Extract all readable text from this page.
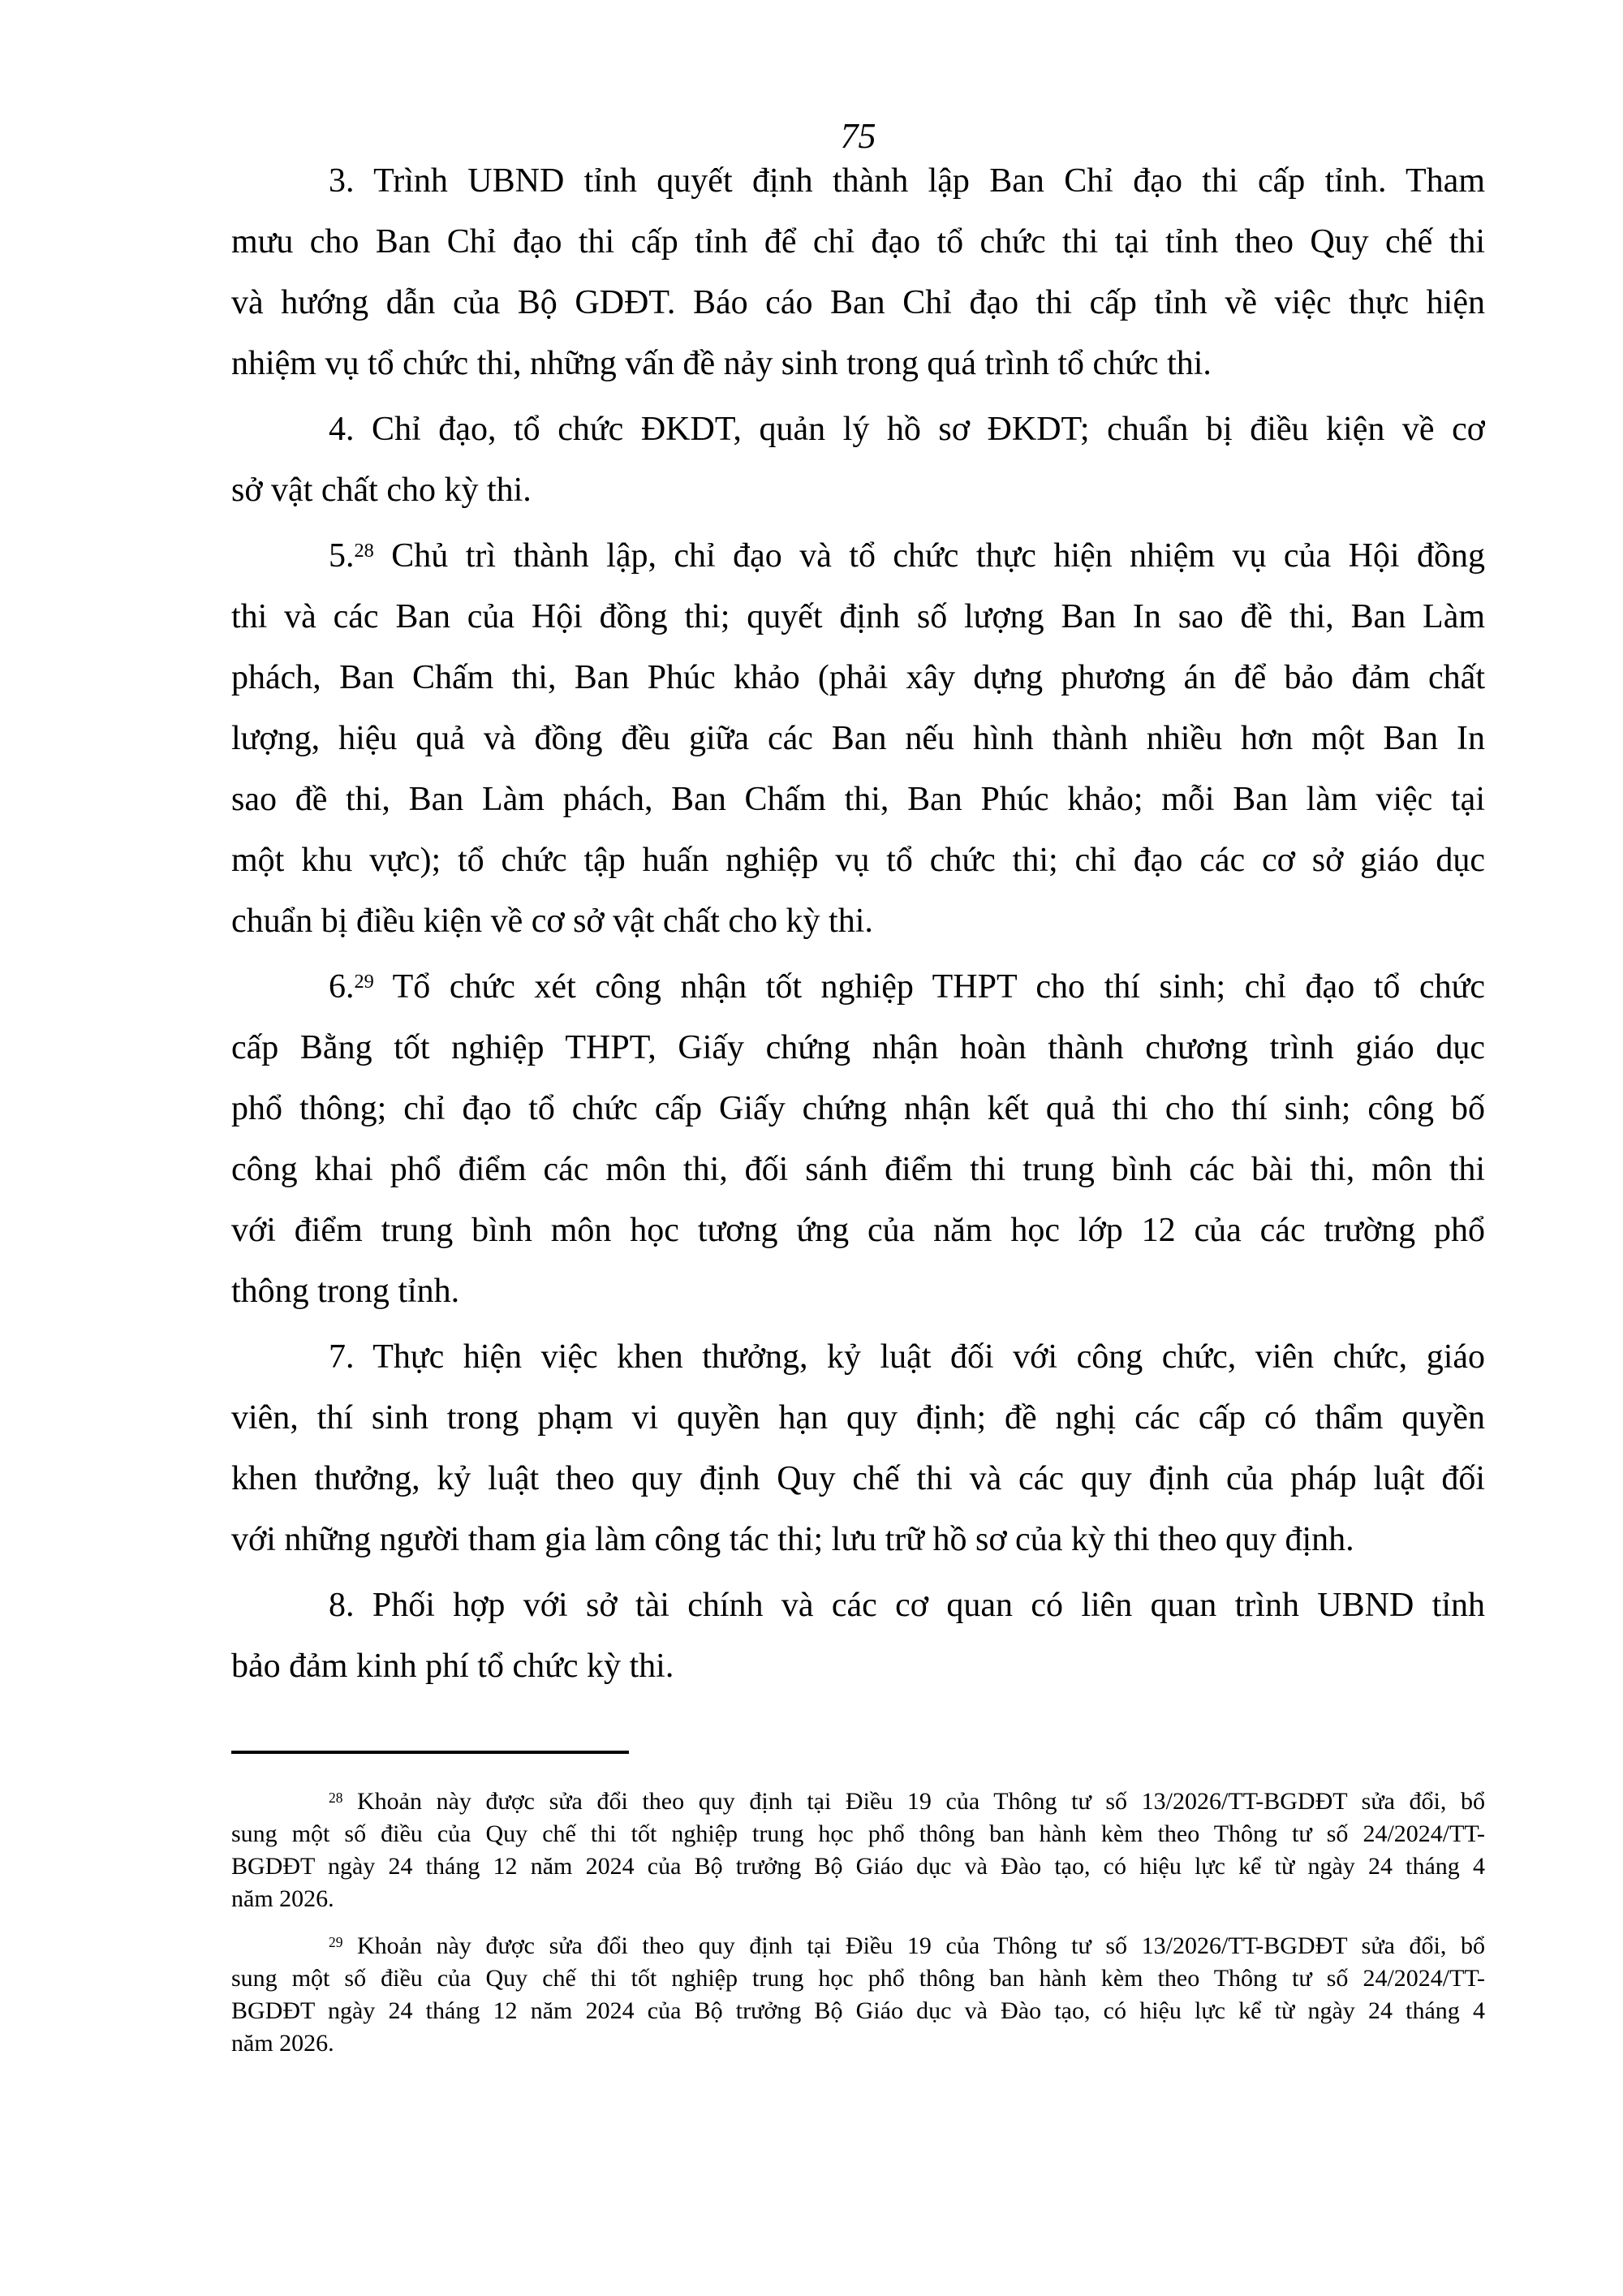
75
3. Trình UBND tỉnh quyết định thành lập Ban Chỉ đạo thi cấp tỉnh. Tham
mưu cho Ban Chỉ đạo thi cấp tỉnh để chỉ đạo tổ chức thi tại tỉnh theo Quy chế thi
và hướng dẫn của Bộ GDĐT. Báo cáo Ban Chỉ đạo thi cấp tỉnh về việc thực hiện
nhiệm vụ tổ chức thi, những vấn đề nảy sinh trong quá trình tổ chức thi.
4. Chỉ đạo, tổ chức ĐKDT, quản lý hồ sơ ĐKDT; chuẩn bị điều kiện về cơ
sở vật chất cho kỳ thi.
5.28 Chủ trì thành lập, chỉ đạo và tổ chức thực hiện nhiệm vụ của Hội đồng
thi và các Ban của Hội đồng thi; quyết định số lượng Ban In sao đề thi, Ban Làm
phách, Ban Chấm thi, Ban Phúc khảo (phải xây dựng phương án để bảo đảm chất
lượng, hiệu quả và đồng đều giữa các Ban nếu hình thành nhiều hơn một Ban In
sao đề thi, Ban Làm phách, Ban Chấm thi, Ban Phúc khảo; mỗi Ban làm việc tại
một khu vực); tổ chức tập huấn nghiệp vụ tổ chức thi; chỉ đạo các cơ sở giáo dục
chuẩn bị điều kiện về cơ sở vật chất cho kỳ thi.
6.29 Tổ chức xét công nhận tốt nghiệp THPT cho thí sinh; chỉ đạo tổ chức
cấp Bằng tốt nghiệp THPT, Giấy chứng nhận hoàn thành chương trình giáo dục
phổ thông; chỉ đạo tổ chức cấp Giấy chứng nhận kết quả thi cho thí sinh; công bố
công khai phổ điểm các môn thi, đối sánh điểm thi trung bình các bài thi, môn thi
với điểm trung bình môn học tương ứng của năm học lớp 12 của các trường phổ
thông trong tỉnh.
7. Thực hiện việc khen thưởng, kỷ luật đối với công chức, viên chức, giáo
viên, thí sinh trong phạm vi quyền hạn quy định; đề nghị các cấp có thẩm quyền
khen thưởng, kỷ luật theo quy định Quy chế thi và các quy định của pháp luật đối
với những người tham gia làm công tác thi; lưu trữ hồ sơ của kỳ thi theo quy định.
8. Phối hợp với sở tài chính và các cơ quan có liên quan trình UBND tỉnh
bảo đảm kinh phí tổ chức kỳ thi.
$^{28}$ Khoản này được sửa đổi theo quy định tại Điều 19 của Thông tư số 13/2026/TT-BGDĐT sửa đổi, bổ
sung một số điều của Quy chế thi tốt nghiệp trung học phổ thông ban hành kèm theo Thông tư số 24/2024/TT-
BGDĐT ngày 24 tháng 12 năm 2024 của Bộ trưởng Bộ Giáo dục và Đào tạo, có hiệu lực kể từ ngày 24 tháng 4
năm 2026.
$^{29}$ Khoản này được sửa đổi theo quy định tại Điều 19 của Thông tư số 13/2026/TT-BGDĐT sửa đổi, bổ
sung một số điều của Quy chế thi tốt nghiệp trung học phổ thông ban hành kèm theo Thông tư số 24/2024/TT-
BGDĐT ngày 24 tháng 12 năm 2024 của Bộ trưởng Bộ Giáo dục và Đào tạo, có hiệu lực kể từ ngày 24 tháng 4
năm 2026.
